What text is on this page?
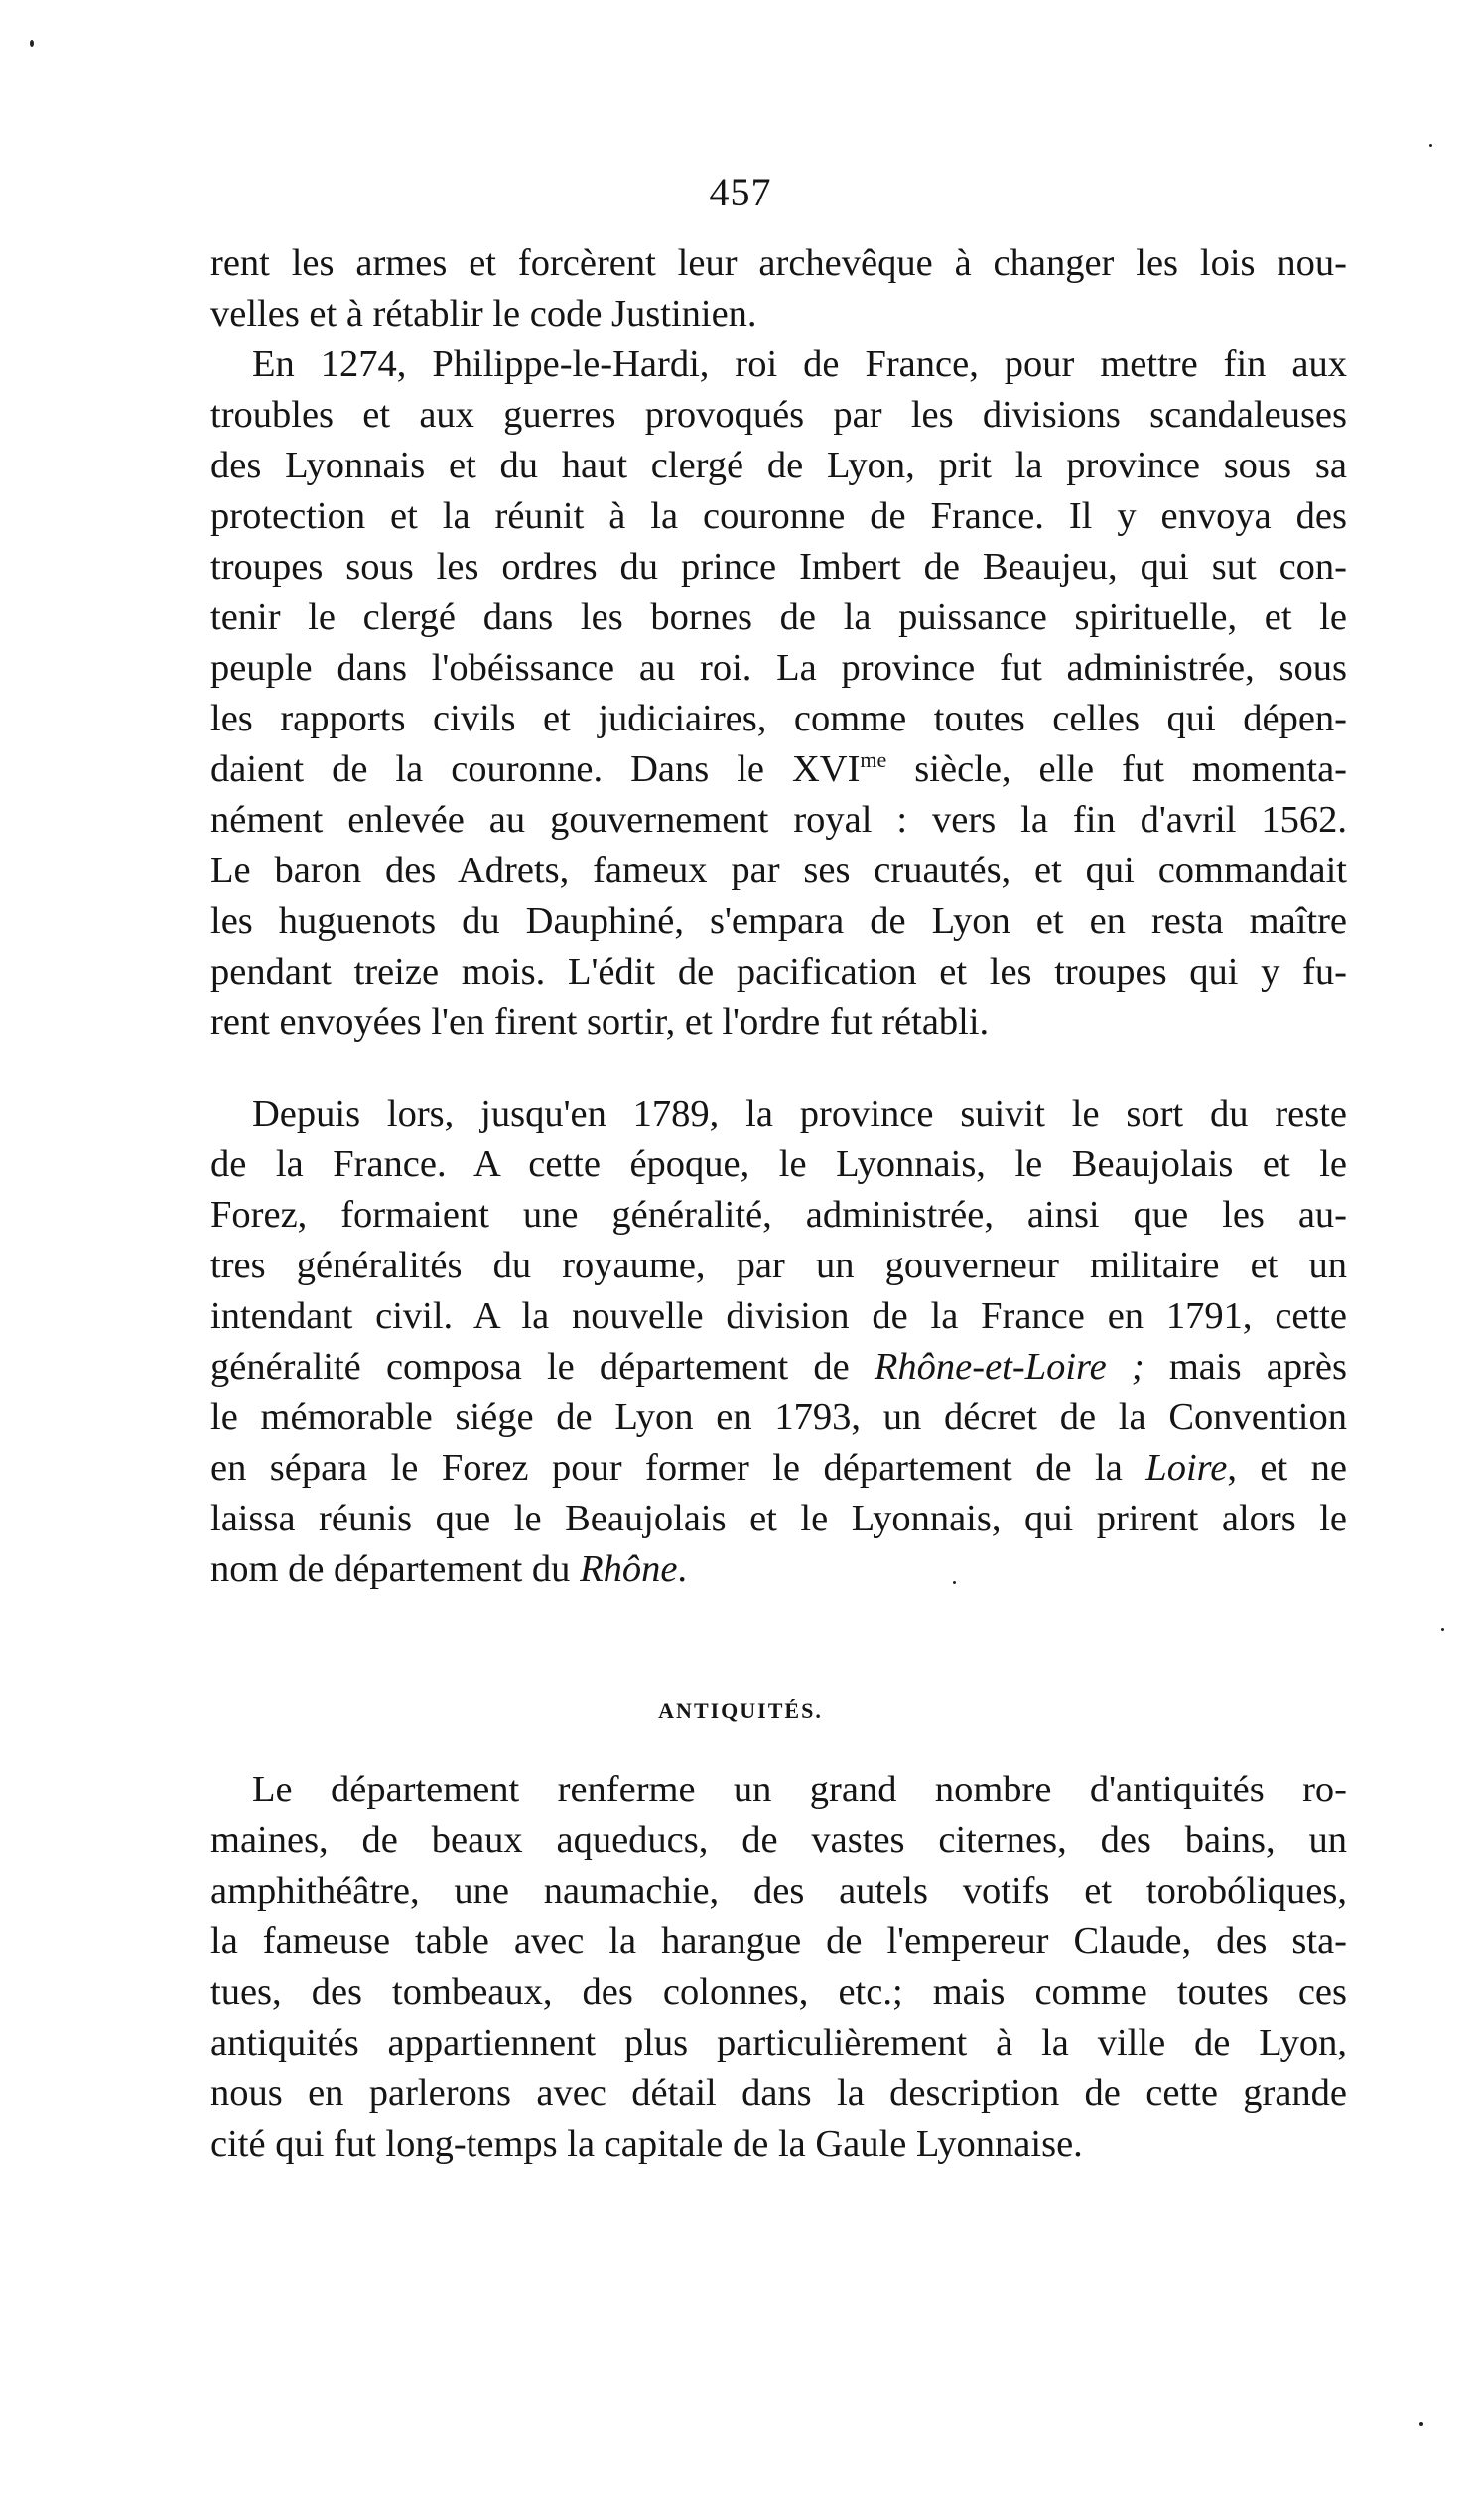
457
rent les armes et forcèrent leur archevêque à changer les lois nou-
velles et à rétablir le code Justinien.
En 1274, Philippe-le-Hardi, roi de France, pour mettre fin aux
troubles et aux guerres provoqués par les divisions scandaleuses
des Lyonnais et du haut clergé de Lyon, prit la province sous sa
protection et la réunit à la couronne de France. Il y envoya des
troupes sous les ordres du prince Imbert de Beaujeu, qui sut con-
tenir le clergé dans les bornes de la puissance spirituelle, et le
peuple dans l'obéissance au roi. La province fut administrée, sous
les rapports civils et judiciaires, comme toutes celles qui dépen-
daient de la couronne. Dans le $XVI^{me}$ siècle, elle fut momenta-
nément enlevée au gouvernement royal : vers la fin d'avril 1562.
Le baron des Adrets, fameux par ses cruautés, et qui commandait
les huguenots du Dauphiné, s'empara de Lyon et en resta maître
pendant treize mois. L'édit de pacification et les troupes qui y fu-
rent envoyées l'en firent sortir, et l'ordre fut rétabli.
Depuis lors, jusqu'en 1789, la province suivit le sort du reste
de la France. A cette époque, le Lyonnais, le Beaujolais et le
Forez, formaient une généralité, administrée, ainsi que les au-
tres généralités du royaume, par un gouverneur militaire et un
intendant civil. A la nouvelle division de la France en 1791, cette
généralité composa le département de Rhône-et-Loire ; mais après
le mémorable siége de Lyon en 1793, un décret de la Convention
en sépara le Forez pour former le département de la Loire, et ne
laissa réunis que le Beaujolais et le Lyonnais, qui prirent alors le
nom de département du Rhône.
ANTIQUITÉS.
Le département renferme un grand nombre d'antiquités ro-
maines, de beaux aqueducs, de vastes citernes, des bains, un
amphithéâtre, une naumachie, des autels votifs et torobóliques,
la fameuse table avec la harangue de l'empereur Claude, des sta-
tues, des tombeaux, des colonnes, etc.; mais comme toutes ces
antiquités appartiennent plus particulièrement à la ville de Lyon,
nous en parlerons avec détail dans la description de cette grande
cité qui fut long-temps la capitale de la Gaule Lyonnaise.
